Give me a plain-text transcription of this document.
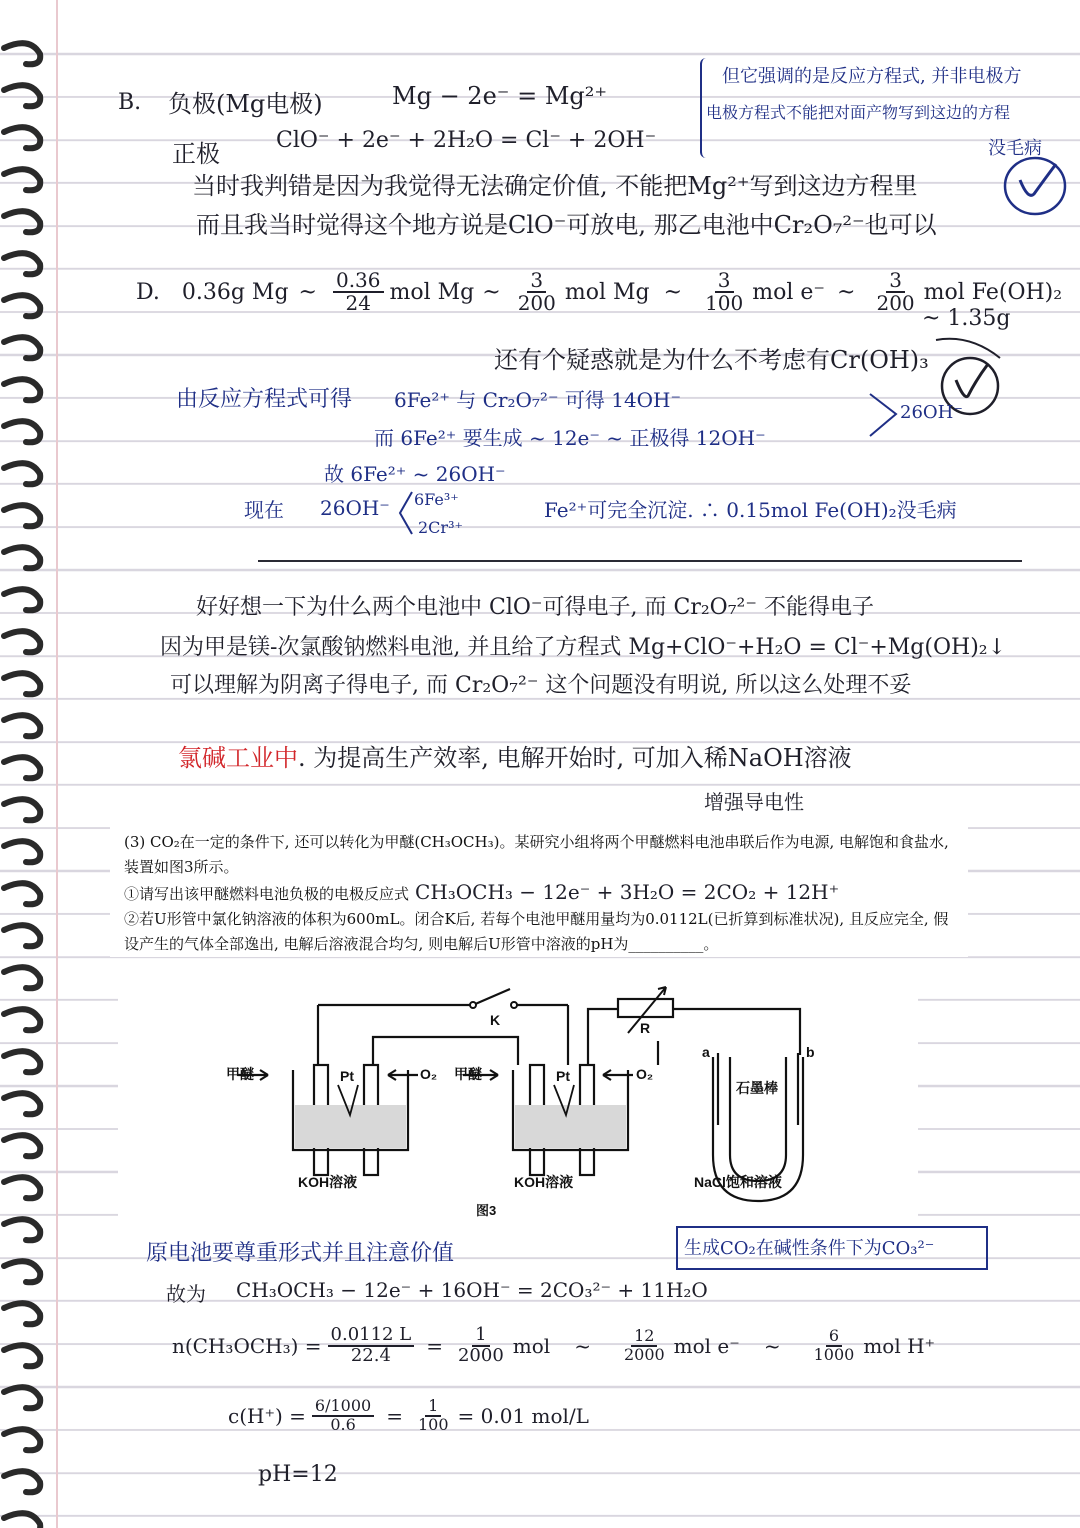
B. 负极(Mg电极)	Mg − 2e⁻ = Mg²⁺
正极	ClO⁻ + 2e⁻ + 2H₂O = Cl⁻ + 2OH⁻
但它强调的是反应方程式, 并非电极方
电极方程式不能把对面产物写到这边的方程
没毛病
当时我判错是因为我觉得无法确定价值, 不能把Mg²⁺写到这边方程里
而且我当时觉得这个地方说是ClO⁻可放电, 那乙电池中Cr₂O₇²⁻也可以
D. 0.36g Mg ~ $\frac{0.36}{24}$ mol Mg ~ $\frac{3}{200}$ mol Mg ~ $\frac{3}{100}$ mol e⁻ ~ $\frac{3}{200}$ mol Fe(OH)₂
~ 1.35g
还有个疑惑就是为什么不考虑有Cr(OH)₃
由反应方程式可得 6Fe²⁺ 与 Cr₂O₇²⁻ 可得 14OH⁻
而 6Fe²⁺ 要生成 ~ 12e⁻ ~ 正极得 12OH⁻
26OH⁻
故 6Fe²⁺ ~ 26OH⁻
现在 26OH⁻ 6Fe³⁺
2Cr³⁺
Fe²⁺可完全沉淀. ∴ 0.15mol Fe(OH)₂没毛病
好好想一下为什么两个电池中 ClO⁻可得电子, 而 Cr₂O₇²⁻ 不能得电子
因为甲是镁-次氯酸钠燃料电池, 并且给了方程式 Mg+ClO⁻+H₂O = Cl⁻+Mg(OH)₂↓
可以理解为阴离子得电子, 而 Cr₂O₇²⁻ 这个问题没有明说, 所以这么处理不妥
氯碱工业中. 为提高生产效率, 电解开始时, 可加入稀NaOH溶液
增强导电性

(3) CO₂在一定的条件下, 还可以转化为甲醚(CH₃OCH₃)。某研究小组将两个甲醚燃料电池串联后作为电源, 电解饱和食盐水, 装置如图3所示。

①请写出该甲醚燃料电池负极的电极反应式 CH₃OCH₃ − 12e⁻ + 3H₂O = 2CO₂ + 12H⁺

②若U形管中氯化钠溶液的体积为600mL。闭合K后, 若每个电池甲醚用量均为0.0112L(已折算到标准状况), 且反应完全, 假设产生的气体全部逸出, 电解后溶液混合均匀, 则电解后U形管中溶液的pH为__________。

甲醚	O₂ 甲醚	O₂
Pt	Pt
K	R
a	b
石墨棒
KOH溶液	KOH溶液	NaCl饱和溶液
图3
原电池要尊重形式并且注意价值	生成CO₂在碱性条件下为CO₃²⁻
故为 CH₃OCH₃ − 12e⁻ + 16OH⁻ = 2CO₃²⁻ + 11H₂O
$n(CH_3OCH_3) = \frac{0.0112 L}{22.4} = \frac{1}{2000}$ mol ~ $\frac{12}{2000}$ mol e⁻ ~ $\frac{6}{1000}$ mol H⁺
$c(H^+) = \frac{6/1000}{0.6} = \frac{1}{100} = 0.01$ mol/L
pH=12
